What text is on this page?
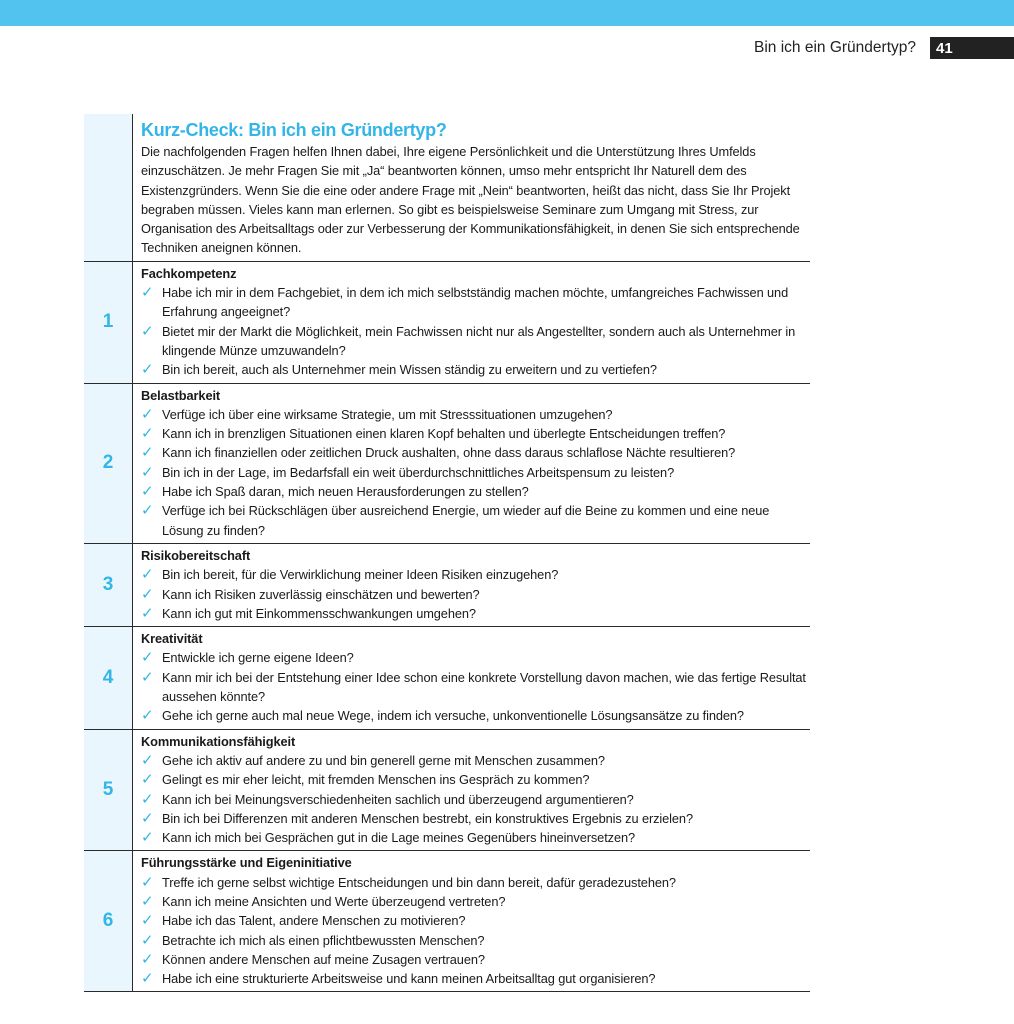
Bin ich ein Gründertyp?	41
Kurz-Check: Bin ich ein Gründertyp?
Die nachfolgenden Fragen helfen Ihnen dabei, Ihre eigene Persönlichkeit und die Unterstützung Ihres Umfelds einzuschätzen. Je mehr Fragen Sie mit „Ja“ beantworten können, umso mehr entspricht Ihr Naturell dem des Existenzgründers. Wenn Sie die eine oder andere Frage mit „Nein“ beantworten, heißt das nicht, dass Sie Ihr Projekt begraben müssen. Vieles kann man erlernen. So gibt es beispielsweise Seminare zum Umgang mit Stress, zur Organisation des Arbeitsalltags oder zur Verbesserung der Kommunikationsfähigkeit, in denen Sie sich entsprechende Techniken aneignen können.
1
Fachkompetenz
✓ Habe ich mir in dem Fachgebiet, in dem ich mich selbstständig machen möchte, umfangreiches Fachwissen und Erfahrung angeeignet?
✓ Bietet mir der Markt die Möglichkeit, mein Fachwissen nicht nur als Angestellter, sondern auch als Unternehmer in klingende Münze umzuwandeln?
✓ Bin ich bereit, auch als Unternehmer mein Wissen ständig zu erweitern und zu vertiefen?
2
Belastbarkeit
✓ Verfüge ich über eine wirksame Strategie, um mit Stresssituationen umzugehen?
✓ Kann ich in brenzligen Situationen einen klaren Kopf behalten und überlegte Entscheidungen treffen?
✓ Kann ich finanziellen oder zeitlichen Druck aushalten, ohne dass daraus schlaflose Nächte resultieren?
✓ Bin ich in der Lage, im Bedarfsfall ein weit überdurchschnittliches Arbeitspensum zu leisten?
✓ Habe ich Spaß daran, mich neuen Herausforderungen zu stellen?
✓ Verfüge ich bei Rückschlägen über ausreichend Energie, um wieder auf die Beine zu kommen und eine neue Lösung zu finden?
3
Risikobereitschaft
✓ Bin ich bereit, für die Verwirklichung meiner Ideen Risiken einzugehen?
✓ Kann ich Risiken zuverlässig einschätzen und bewerten?
✓ Kann ich gut mit Einkommensschwankungen umgehen?
4
Kreativität
✓ Entwickle ich gerne eigene Ideen?
✓ Kann mir ich bei der Entstehung einer Idee schon eine konkrete Vorstellung davon machen, wie das fertige Resultat aussehen könnte?
✓ Gehe ich gerne auch mal neue Wege, indem ich versuche, unkonventionelle Lösungsansätze zu finden?
5
Kommunikationsfähigkeit
✓ Gehe ich aktiv auf andere zu und bin generell gerne mit Menschen zusammen?
✓ Gelingt es mir eher leicht, mit fremden Menschen ins Gespräch zu kommen?
✓ Kann ich bei Meinungsverschiedenheiten sachlich und überzeugend argumentieren?
✓ Bin ich bei Differenzen mit anderen Menschen bestrebt, ein konstruktives Ergebnis zu erzielen?
✓ Kann ich mich bei Gesprächen gut in die Lage meines Gegenübers hineinversetzen?
6
Führungsstärke und Eigeninitiative
✓ Treffe ich gerne selbst wichtige Entscheidungen und bin dann bereit, dafür geradezustehen?
✓ Kann ich meine Ansichten und Werte überzeugend vertreten?
✓ Habe ich das Talent, andere Menschen zu motivieren?
✓ Betrachte ich mich als einen pflichtbewussten Menschen?
✓ Können andere Menschen auf meine Zusagen vertrauen?
✓ Habe ich eine strukturierte Arbeitsweise und kann meinen Arbeitsalltag gut organisieren?
